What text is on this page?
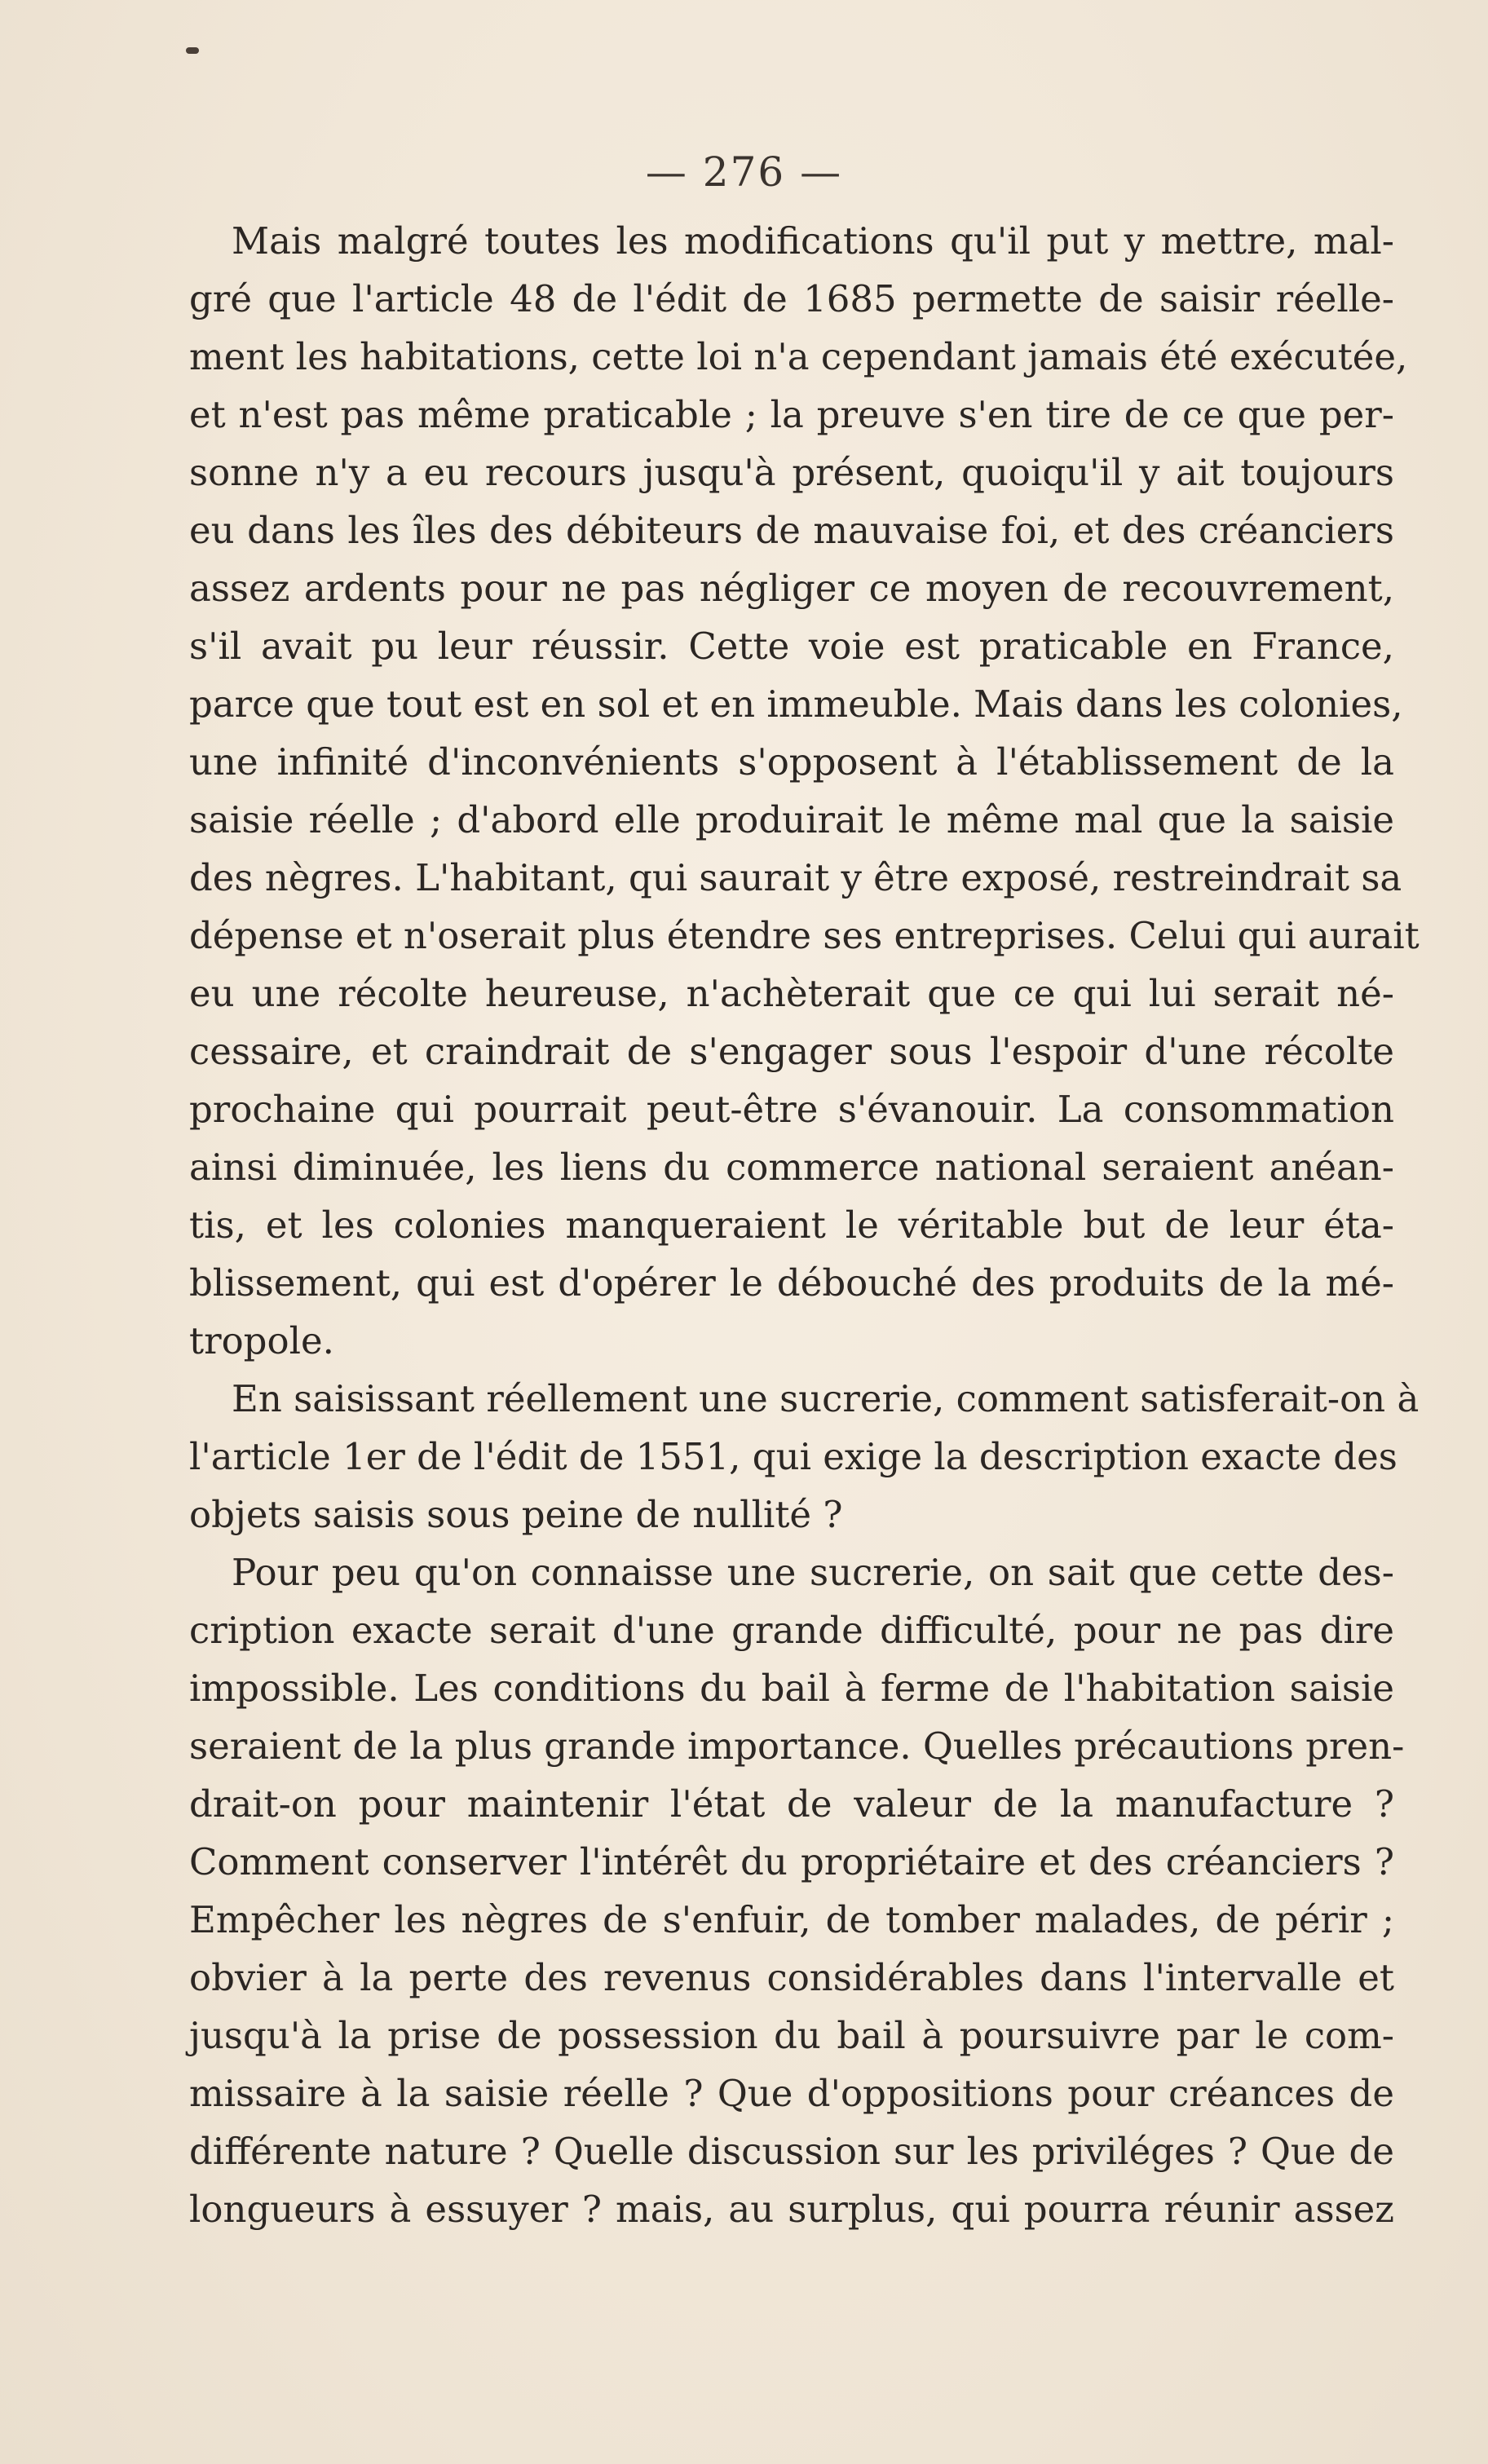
— 276 —
Mais malgré toutes les modifications qu'il put y mettre, mal-
gré que l'article 48 de l'édit de 1685 permette de saisir réelle-
ment les habitations, cette loi n'a cependant jamais été exécutée,
et n'est pas même praticable ; la preuve s'en tire de ce que per-
sonne n'y a eu recours jusqu'à présent, quoiqu'il y ait toujours
eu dans les îles des débiteurs de mauvaise foi, et des créanciers
assez ardents pour ne pas négliger ce moyen de recouvrement,
s'il avait pu leur réussir. Cette voie est praticable en France,
parce que tout est en sol et en immeuble. Mais dans les colonies,
une infinité d'inconvénients s'opposent à l'établissement de la
saisie réelle ; d'abord elle produirait le même mal que la saisie
des nègres. L'habitant, qui saurait y être exposé, restreindrait sa
dépense et n'oserait plus étendre ses entreprises. Celui qui aurait
eu une récolte heureuse, n'achèterait que ce qui lui serait né-
cessaire, et craindrait de s'engager sous l'espoir d'une récolte
prochaine qui pourrait peut-être s'évanouir. La consommation
ainsi diminuée, les liens du commerce national seraient anéan-
tis, et les colonies manqueraient le véritable but de leur éta-
blissement, qui est d'opérer le débouché des produits de la mé-
tropole.
En saisissant réellement une sucrerie, comment satisferait-on à
l'article 1er de l'édit de 1551, qui exige la description exacte des
objets saisis sous peine de nullité ?
Pour peu qu'on connaisse une sucrerie, on sait que cette des-
cription exacte serait d'une grande difficulté, pour ne pas dire
impossible. Les conditions du bail à ferme de l'habitation saisie
seraient de la plus grande importance. Quelles précautions pren-
drait-on pour maintenir l'état de valeur de la manufacture ?
Comment conserver l'intérêt du propriétaire et des créanciers ?
Empêcher les nègres de s'enfuir, de tomber malades, de périr ;
obvier à la perte des revenus considérables dans l'intervalle et
jusqu'à la prise de possession du bail à poursuivre par le com-
missaire à la saisie réelle ? Que d'oppositions pour créances de
différente nature ? Quelle discussion sur les priviléges ? Que de
longueurs à essuyer ? mais, au surplus, qui pourra réunir assez
